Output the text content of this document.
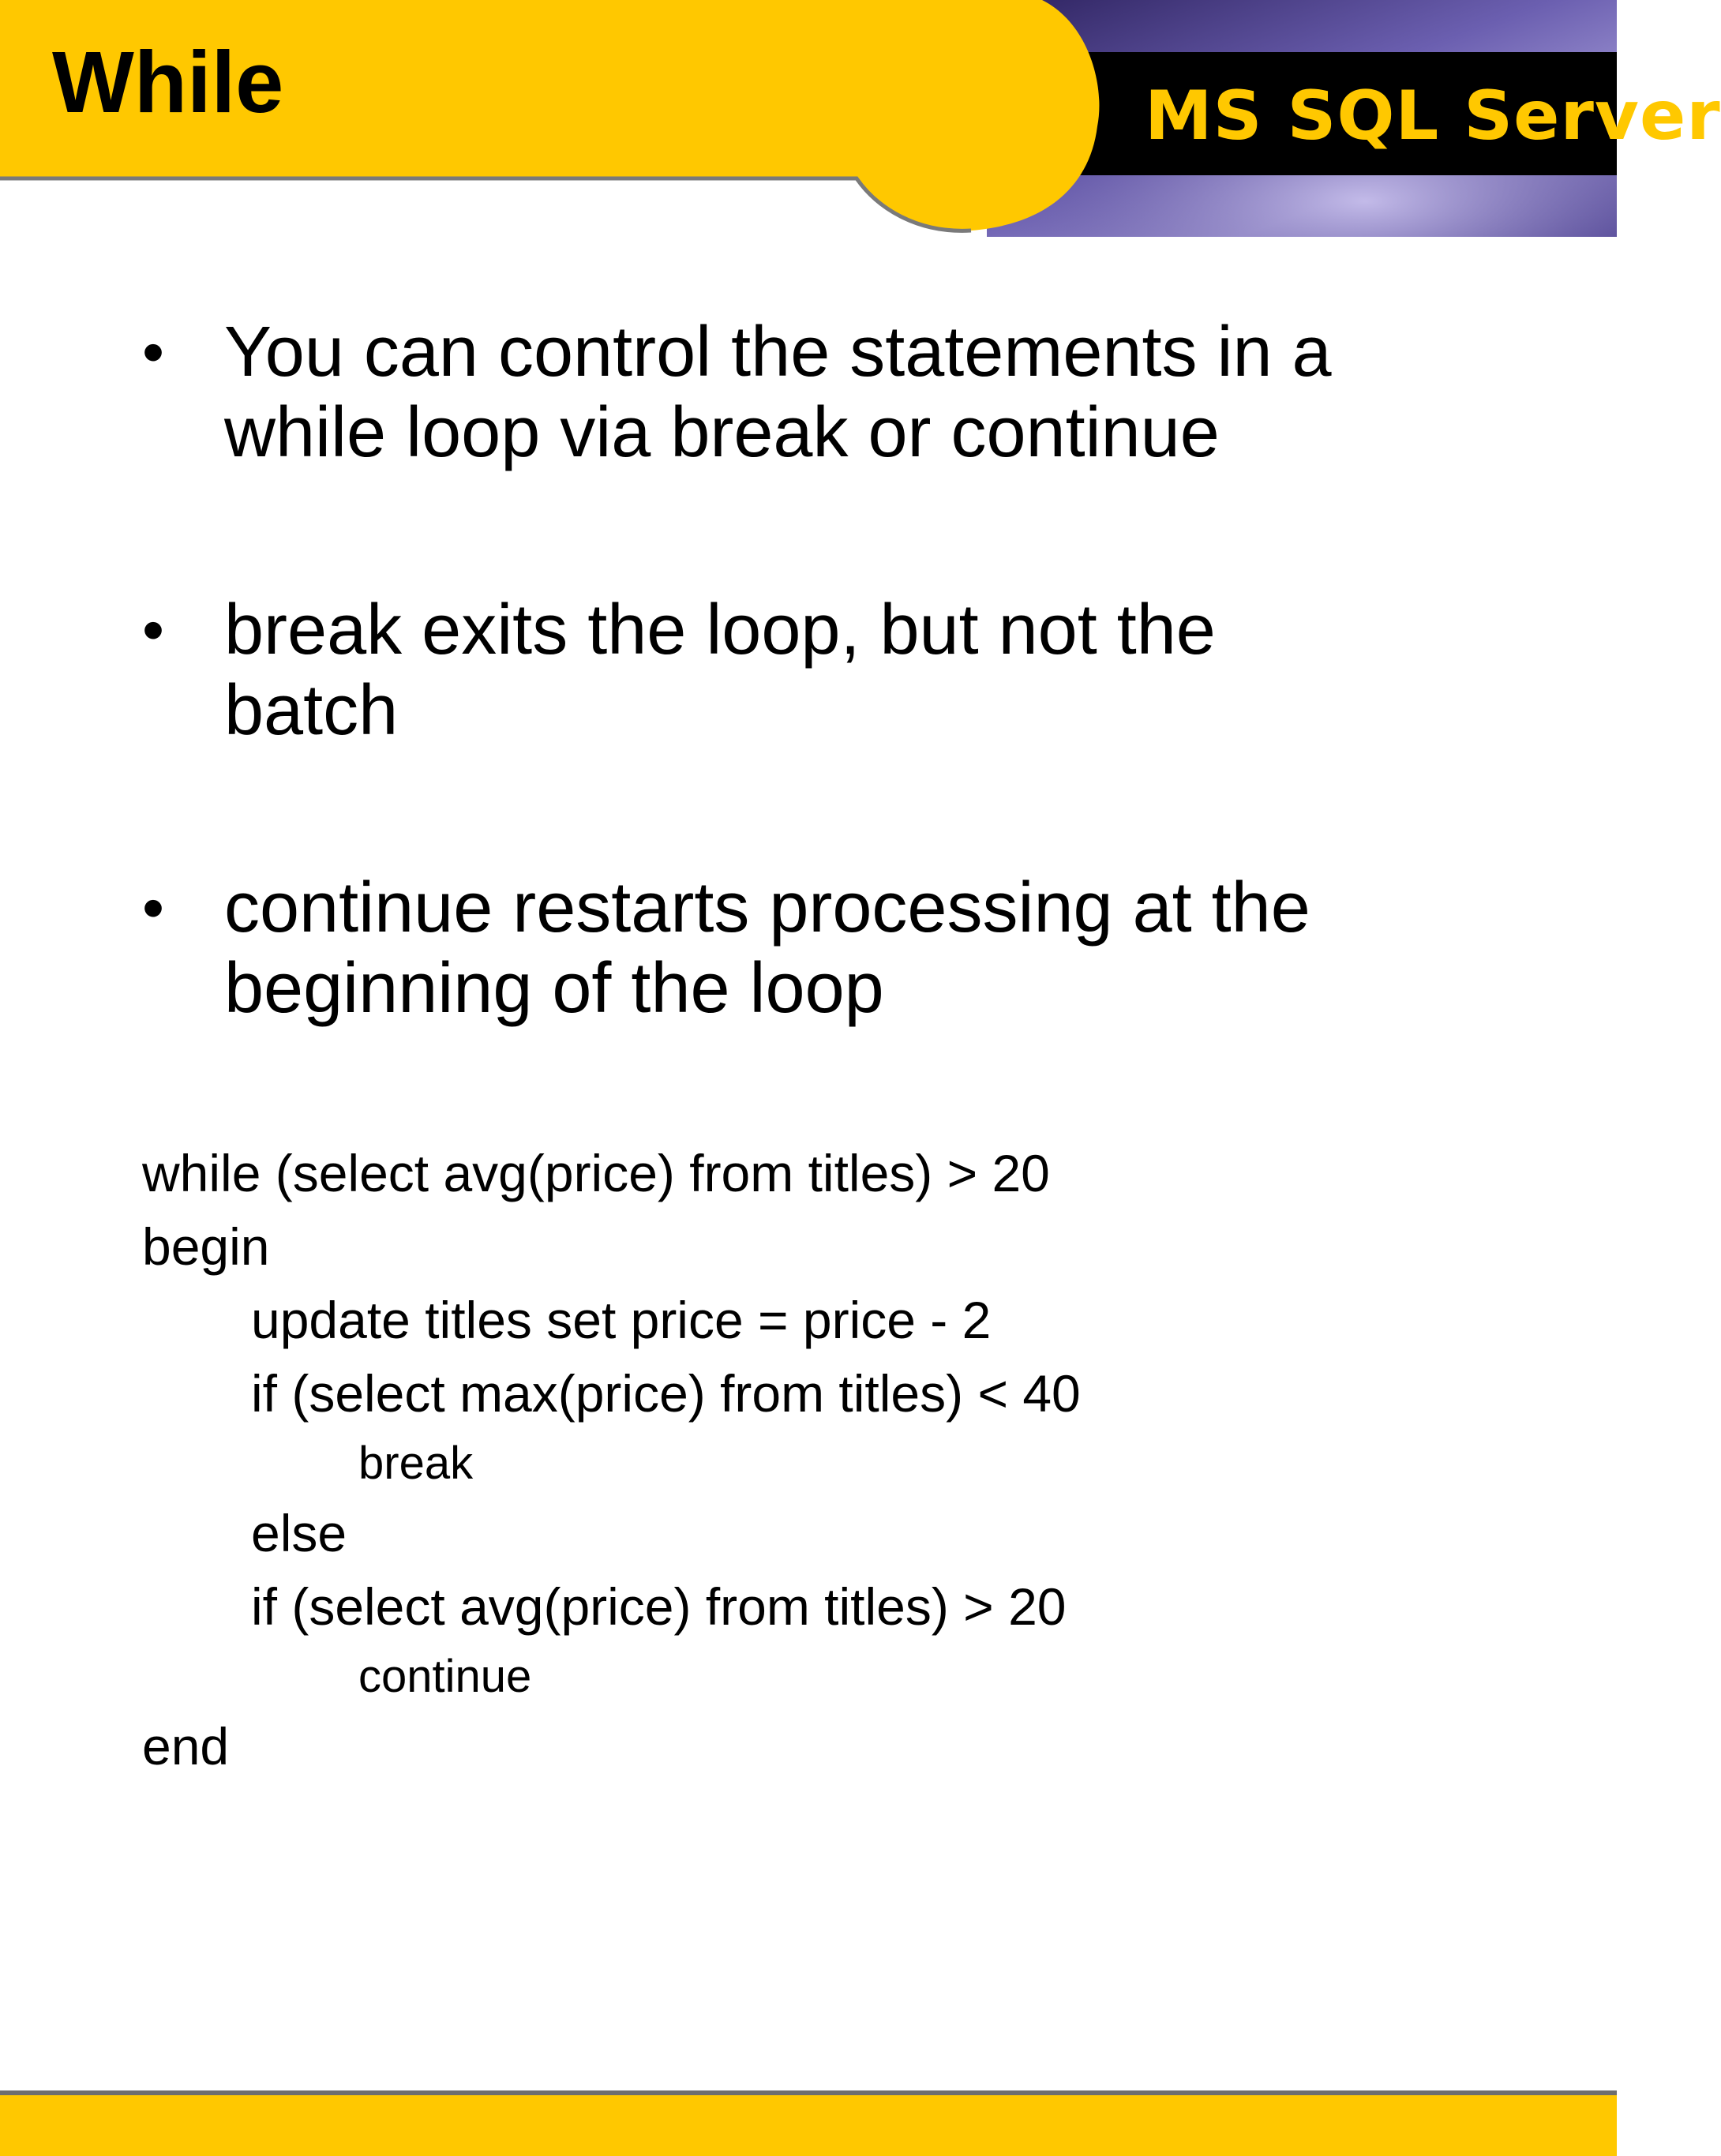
While	MS SQL Server
• You can control the statements in a while loop via break or continue
• break exits the loop, but not the batch
• continue restarts processing at the beginning of the loop
while (select avg(price) from titles) > 20
begin
update titles set price = price - 2
if (select max(price) from titles) < 40
break
else
if (select avg(price) from titles) > 20
continue
end
